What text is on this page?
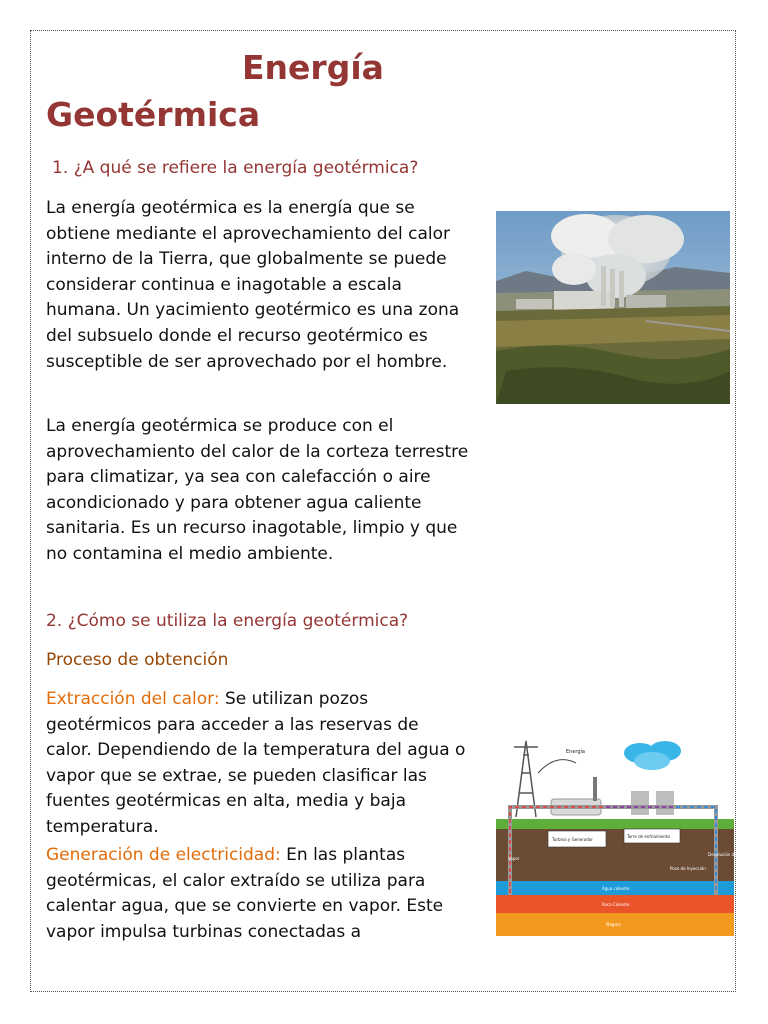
Energía
Geotérmica
1. ¿A qué se refiere la energía geotérmica?
La energía geotérmica es la energía que se obtiene mediante el aprovechamiento del calor interno de la Tierra, que globalmente se puede considerar continua e inagotable a escala humana. Un yacimiento geotérmico es una zona del subsuelo donde el recurso geotérmico es susceptible de ser aprovechado por el hombre.
La energía geotérmica se produce con el aprovechamiento del calor de la corteza terrestre para climatizar, ya sea con calefacción o aire acondicionado y para obtener agua caliente sanitaria. Es un recurso inagotable, limpio y que no contamina el medio ambiente.
2. ¿Cómo se utiliza la energía geotérmica?
Proceso de obtención
Extracción del calor: Se utilizan pozos geotérmicos para acceder a las reservas de calor. Dependiendo de la temperatura del agua o vapor que se extrae, se pueden clasificar las fuentes geotérmicas en alta, media y baja temperatura.
Generación de electricidad: En las plantas geotérmicas, el calor extraído se utiliza para calentar agua, que se convierte en vapor. Este vapor impulsa turbinas conectadas a
Energía
Turbina y Generador
Torre de enfriamiento
Vapor
Pozo de Inyección
Devolución de agua
Agua caliente
Roca Caliente
Magma
